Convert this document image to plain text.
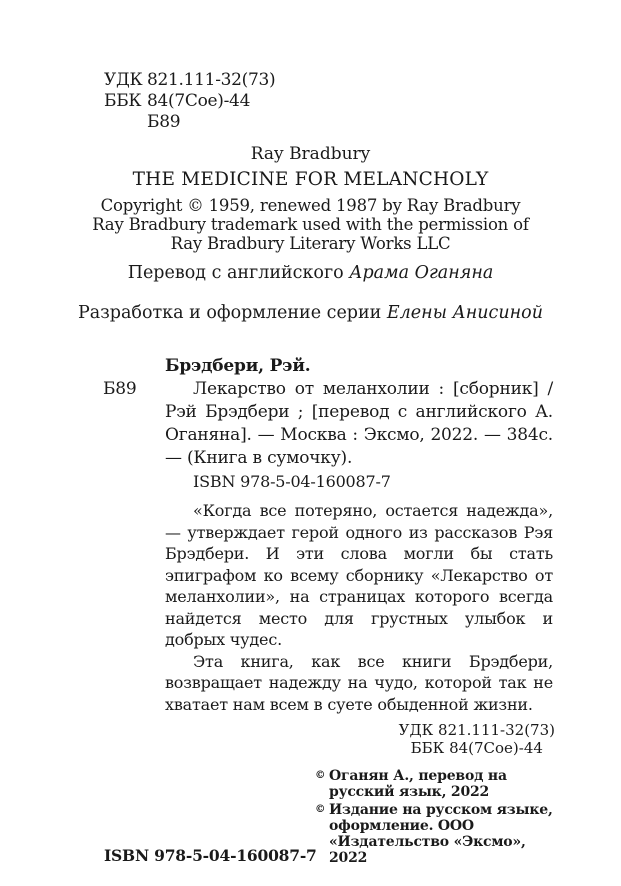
УДК 821.111-32(73)
ББК 84(7Сое)-44
Б89
Ray Bradbury
THE MEDICINE FOR MELANCHOLY
Copyright © 1959, renewed 1987 by Ray Bradbury
Ray Bradbury trademark used with the permission of
Ray Bradbury Literary Works LLC
Перевод с английского Арама Оганяна
Разработка и оформление серии Елены Анисиной
Б89
Брэдбери, Рэй.
Лекарство от меланхолии : [сборник] / Рэй Брэдбери ; [перевод с английского А. Оганяна]. — Москва : Эксмо, 2022. — 384с. — (Книга в сумочку).
ISBN 978-5-04-160087-7

«Когда все потеряно, остается надежда», — утверждает герой одного из рассказов Рэя Брэдбери. И эти слова могли бы стать эпиграфом ко всему сборнику «Лекарство от меланхолии», на страницах которого всегда найдется место для грустных улыбок и добрых чудес.

Эта книга, как все книги Брэдбери, возвращает надежду на чудо, которой так не хватает нам всем в суете обыденной жизни.

УДК 821.111-32(73)
ББК 84(7Сое)-44
© Оганян А., перевод на русский язык, 2022
© Издание на русском языке, оформление. ООО «Издательство «Эксмо», 2022
ISBN 978-5-04-160087-7
